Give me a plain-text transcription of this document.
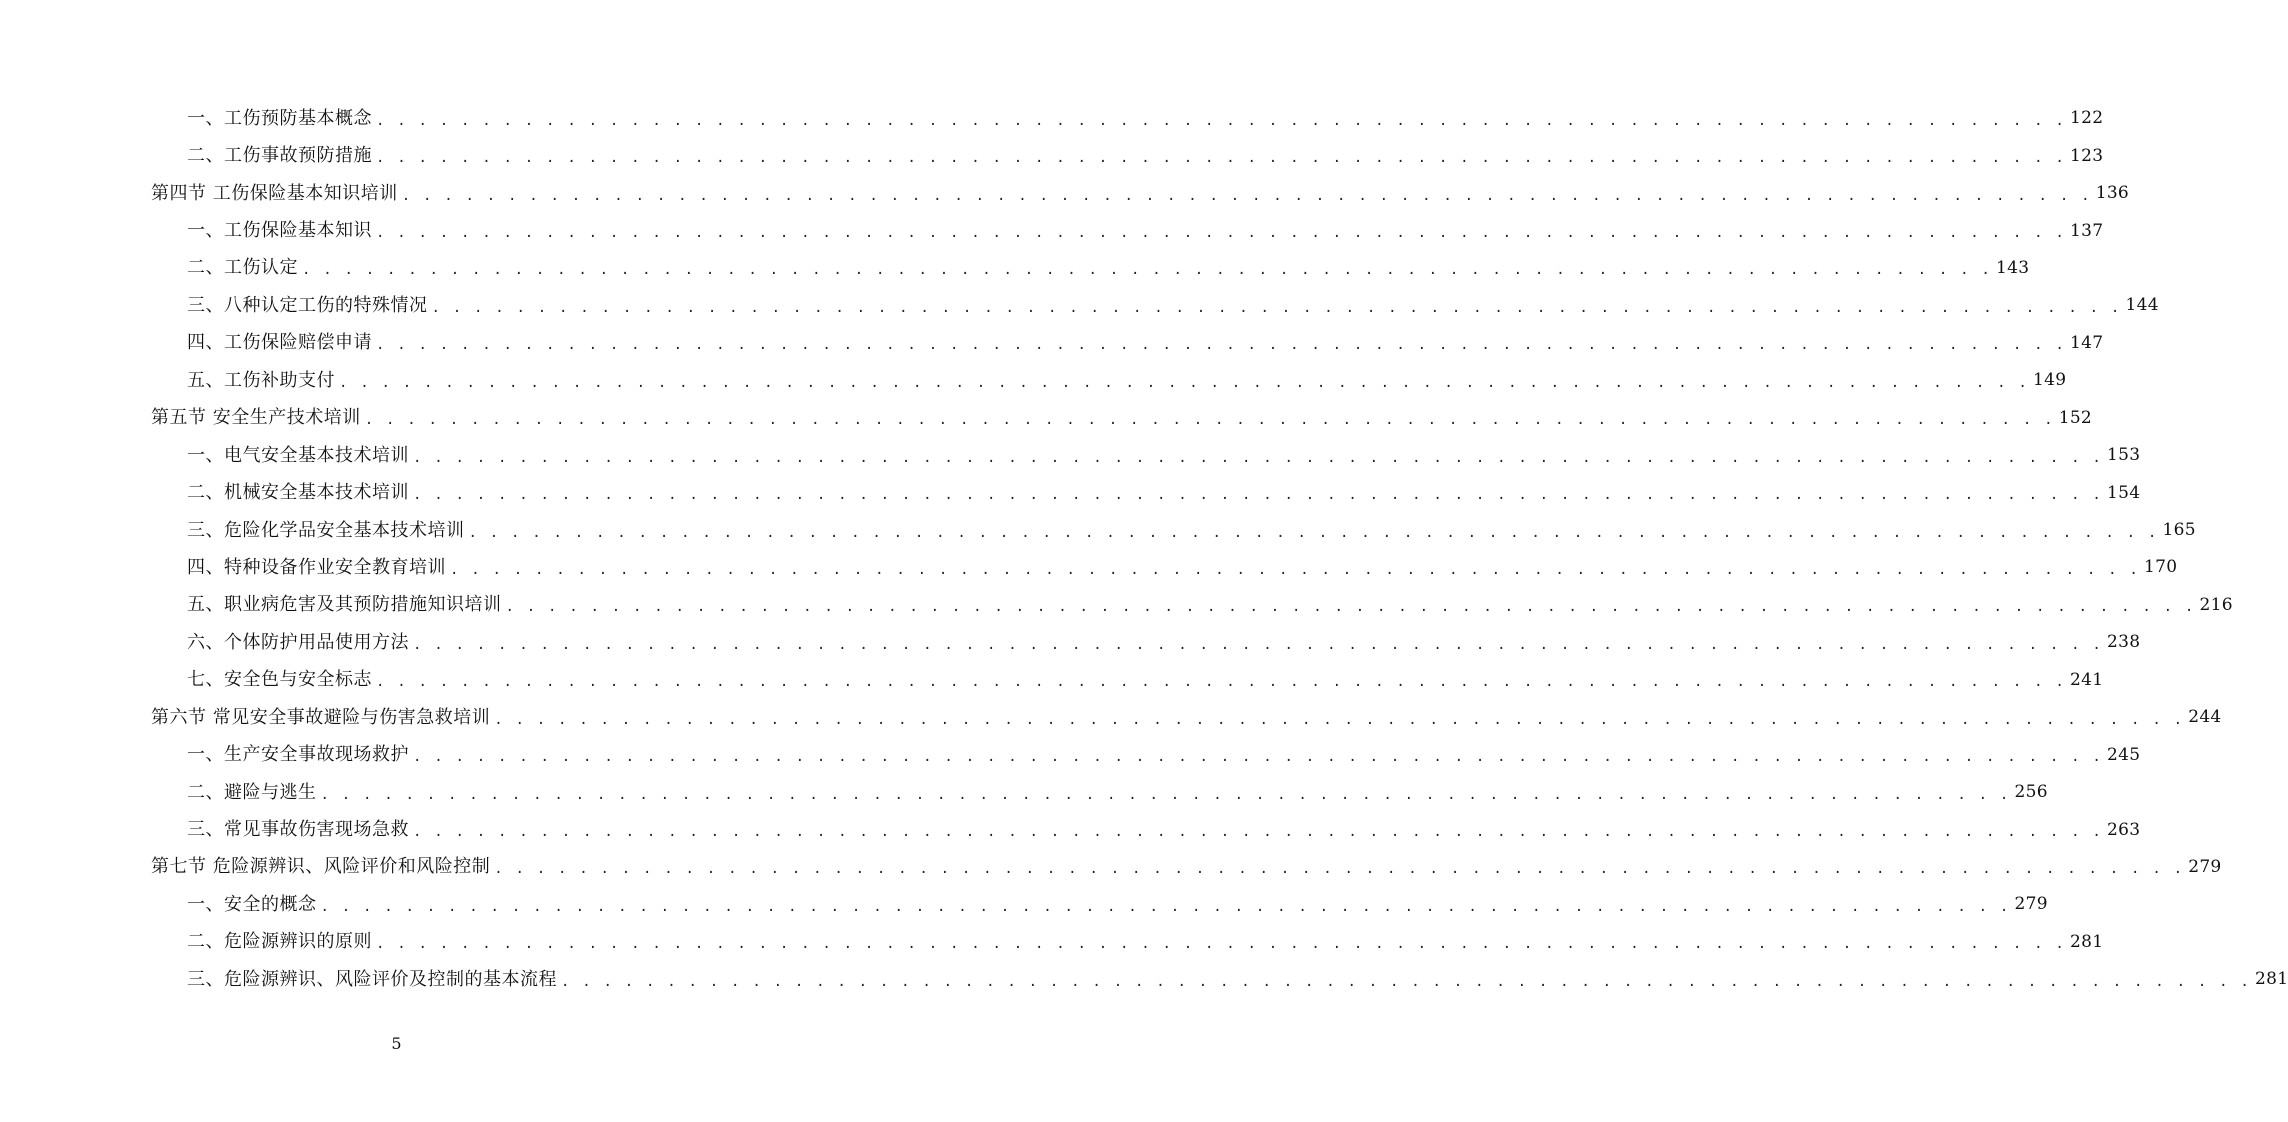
一、工伤预防基本概念 . . . . . . . . . . . . . . . . . . . . . . . . . . . . . . . . . . . . . . . . . . . . . . . . . . . . . . . . . . . . . . . . . . . . . . . . . . . . . . . . 122
二、工伤事故预防措施 . . . . . . . . . . . . . . . . . . . . . . . . . . . . . . . . . . . . . . . . . . . . . . . . . . . . . . . . . . . . . . . . . . . . . . . . . . . . . . . . 123
第四节 工伤保险基本知识培训 . . . . . . . . . . . . . . . . . . . . . . . . . . . . . . . . . . . . . . . . . . . . . . . . . . . . . . . . . . . . . . . . . . . . . . . . . . . . . . . . 136
一、工伤保险基本知识 . . . . . . . . . . . . . . . . . . . . . . . . . . . . . . . . . . . . . . . . . . . . . . . . . . . . . . . . . . . . . . . . . . . . . . . . . . . . . . . . 137
二、工伤认定 . . . . . . . . . . . . . . . . . . . . . . . . . . . . . . . . . . . . . . . . . . . . . . . . . . . . . . . . . . . . . . . . . . . . . . . . . . . . . . . . 143
三、八种认定工伤的特殊情况 . . . . . . . . . . . . . . . . . . . . . . . . . . . . . . . . . . . . . . . . . . . . . . . . . . . . . . . . . . . . . . . . . . . . . . . . . . . . . . . . 144
四、工伤保险赔偿申请 . . . . . . . . . . . . . . . . . . . . . . . . . . . . . . . . . . . . . . . . . . . . . . . . . . . . . . . . . . . . . . . . . . . . . . . . . . . . . . . . 147
五、工伤补助支付 . . . . . . . . . . . . . . . . . . . . . . . . . . . . . . . . . . . . . . . . . . . . . . . . . . . . . . . . . . . . . . . . . . . . . . . . . . . . . . . . 149
第五节 安全生产技术培训 . . . . . . . . . . . . . . . . . . . . . . . . . . . . . . . . . . . . . . . . . . . . . . . . . . . . . . . . . . . . . . . . . . . . . . . . . . . . . . . . 152
一、电气安全基本技术培训 . . . . . . . . . . . . . . . . . . . . . . . . . . . . . . . . . . . . . . . . . . . . . . . . . . . . . . . . . . . . . . . . . . . . . . . . . . . . . . . . 153
二、机械安全基本技术培训 . . . . . . . . . . . . . . . . . . . . . . . . . . . . . . . . . . . . . . . . . . . . . . . . . . . . . . . . . . . . . . . . . . . . . . . . . . . . . . . . 154
三、危险化学品安全基本技术培训 . . . . . . . . . . . . . . . . . . . . . . . . . . . . . . . . . . . . . . . . . . . . . . . . . . . . . . . . . . . . . . . . . . . . . . . . . . . . . . . . 165
四、特种设备作业安全教育培训 . . . . . . . . . . . . . . . . . . . . . . . . . . . . . . . . . . . . . . . . . . . . . . . . . . . . . . . . . . . . . . . . . . . . . . . . . . . . . . . . 170
五、职业病危害及其预防措施知识培训 . . . . . . . . . . . . . . . . . . . . . . . . . . . . . . . . . . . . . . . . . . . . . . . . . . . . . . . . . . . . . . . . . . . . . . . . . . . . . . . . 216
六、个体防护用品使用方法 . . . . . . . . . . . . . . . . . . . . . . . . . . . . . . . . . . . . . . . . . . . . . . . . . . . . . . . . . . . . . . . . . . . . . . . . . . . . . . . . 238
七、安全色与安全标志 . . . . . . . . . . . . . . . . . . . . . . . . . . . . . . . . . . . . . . . . . . . . . . . . . . . . . . . . . . . . . . . . . . . . . . . . . . . . . . . . 241
第六节 常见安全事故避险与伤害急救培训 . . . . . . . . . . . . . . . . . . . . . . . . . . . . . . . . . . . . . . . . . . . . . . . . . . . . . . . . . . . . . . . . . . . . . . . . . . . . . . . . 244
一、生产安全事故现场救护 . . . . . . . . . . . . . . . . . . . . . . . . . . . . . . . . . . . . . . . . . . . . . . . . . . . . . . . . . . . . . . . . . . . . . . . . . . . . . . . . 245
二、避险与逃生 . . . . . . . . . . . . . . . . . . . . . . . . . . . . . . . . . . . . . . . . . . . . . . . . . . . . . . . . . . . . . . . . . . . . . . . . . . . . . . . . 256
三、常见事故伤害现场急救 . . . . . . . . . . . . . . . . . . . . . . . . . . . . . . . . . . . . . . . . . . . . . . . . . . . . . . . . . . . . . . . . . . . . . . . . . . . . . . . . 263
第七节 危险源辨识、风险评价和风险控制 . . . . . . . . . . . . . . . . . . . . . . . . . . . . . . . . . . . . . . . . . . . . . . . . . . . . . . . . . . . . . . . . . . . . . . . . . . . . . . . . 279
一、安全的概念 . . . . . . . . . . . . . . . . . . . . . . . . . . . . . . . . . . . . . . . . . . . . . . . . . . . . . . . . . . . . . . . . . . . . . . . . . . . . . . . . 279
二、危险源辨识的原则 . . . . . . . . . . . . . . . . . . . . . . . . . . . . . . . . . . . . . . . . . . . . . . . . . . . . . . . . . . . . . . . . . . . . . . . . . . . . . . . . 281
三、危险源辨识、风险评价及控制的基本流程 . . . . . . . . . . . . . . . . . . . . . . . . . . . . . . . . . . . . . . . . . . . . . . . . . . . . . . . . . . . . . . . . . . . . . . . . . . . . . . . . 281
5
